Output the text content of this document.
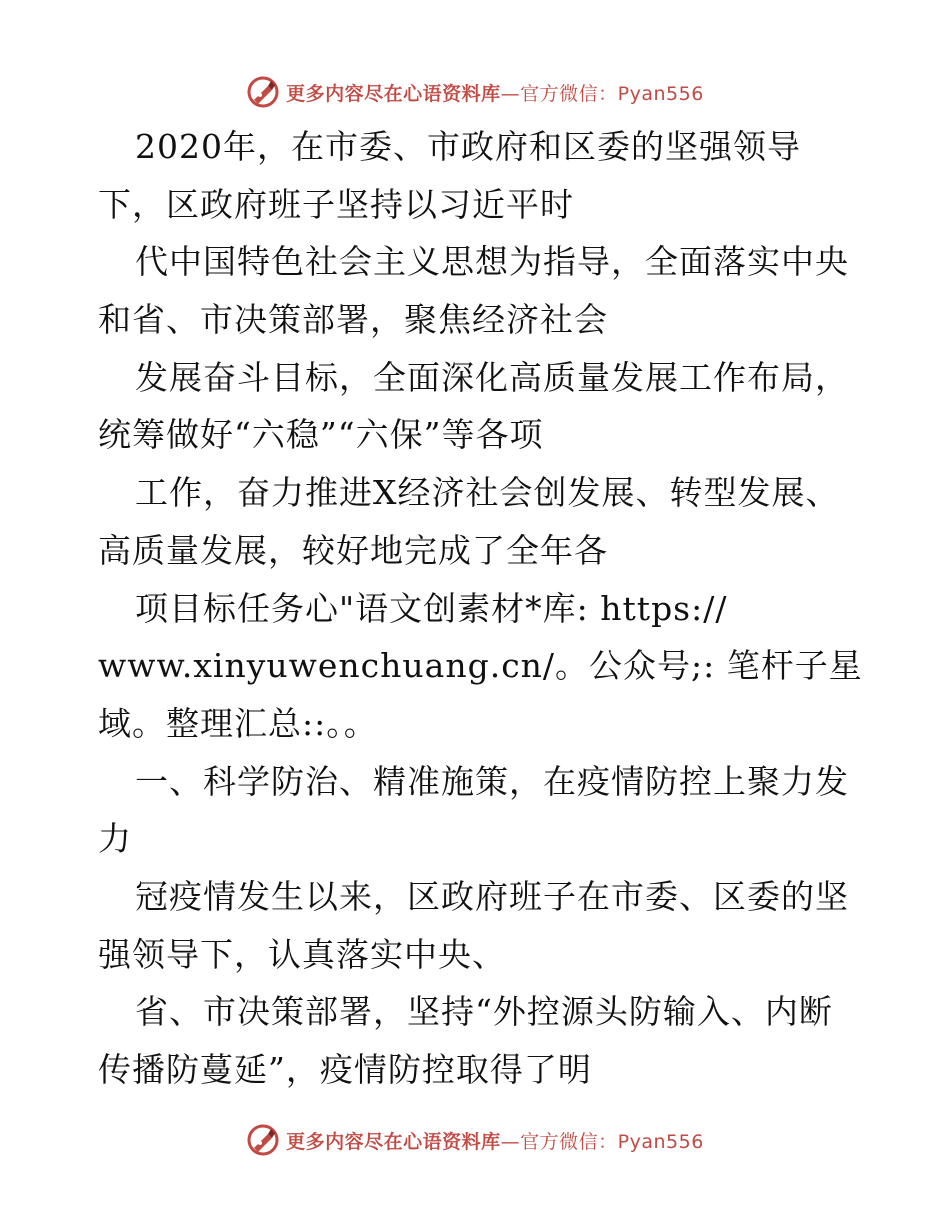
更多内容尽在心语资料库—官方微信：Pyan556
2020年，在市委、市政府和区委的坚强领导
下，区政府班子坚持以习近平时
代中国特色社会主义思想为指导，全面落实中央
和省、市决策部署，聚焦经济社会
发展奋斗目标，全面深化高质量发展工作布局，
统筹做好“六稳”“六保”等各项
工作，奋力推进X经济社会创发展、转型发展、
高质量发展，较好地完成了全年各
项目标任务心"语文创素材*库: https://
www.xinyuwenchuang.cn/。公众号;: 笔杆子星
域。整理汇总::。。
一、科学防治、精准施策，在疫情防控上聚力发
力
冠疫情发生以来，区政府班子在市委、区委的坚
强领导下，认真落实中央、
省、市决策部署，坚持“外控源头防输入、内断
传播防蔓延”，疫情防控取得了明
更多内容尽在心语资料库—官方微信：Pyan556
